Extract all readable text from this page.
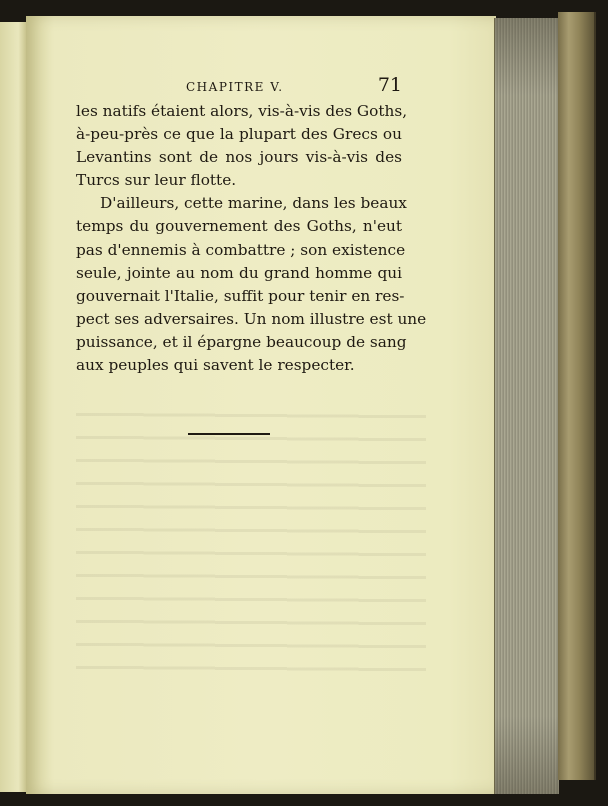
CHAPITRE V.	71
les natifs étaient alors, vis-à-vis des Goths,
à-peu-près ce que la plupart des Grecs ou
Levantins sont de nos jours vis-à-vis des
Turcs sur leur flotte.
D'ailleurs, cette marine, dans les beaux
temps du gouvernement des Goths, n'eut
pas d'ennemis à combattre ; son existence
seule, jointe au nom du grand homme qui
gouvernait l'Italie, suffit pour tenir en res-
pect ses adversaires. Un nom illustre est une
puissance, et il épargne beaucoup de sang
aux peuples qui savent le respecter.
